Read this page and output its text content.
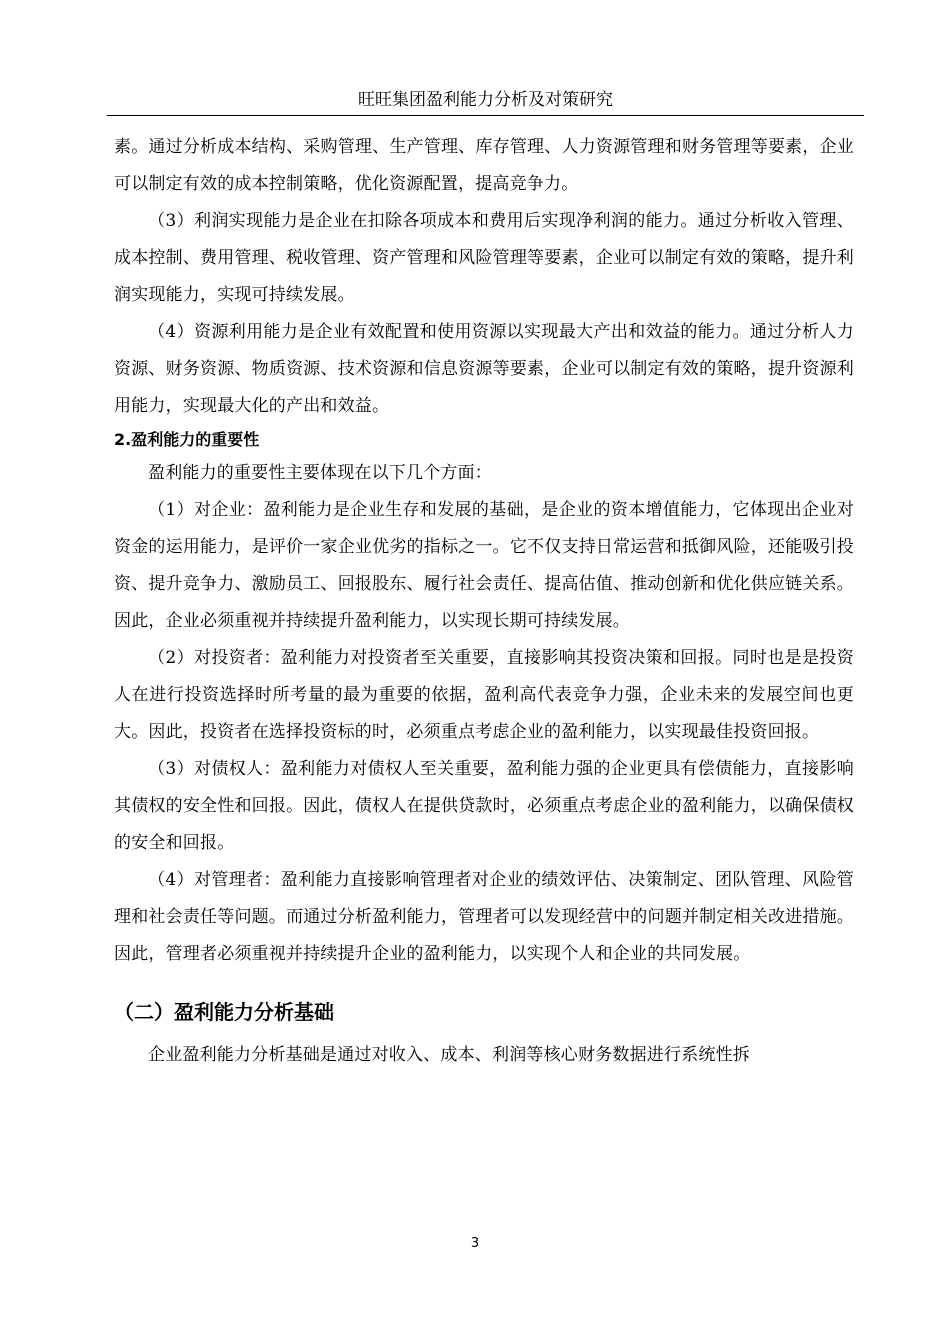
旺旺集团盈利能力分析及对策研究

素。通过分析成本结构、采购管理、生产管理、库存管理、人力资源管理和财务管理等要素，企业可以制定有效的成本控制策略，优化资源配置，提高竞争力。

（3）利润实现能力是企业在扣除各项成本和费用后实现净利润的能力。通过分析收入管理、成本控制、费用管理、税收管理、资产管理和风险管理等要素，企业可以制定有效的策略，提升利润实现能力，实现可持续发展。

（4）资源利用能力是企业有效配置和使用资源以实现最大产出和效益的能力。通过分析人力资源、财务资源、物质资源、技术资源和信息资源等要素，企业可以制定有效的策略，提升资源利用能力，实现最大化的产出和效益。

2.盈利能力的重要性

盈利能力的重要性主要体现在以下几个方面：

（1）对企业：盈利能力是企业生存和发展的基础，是企业的资本增值能力，它体现出企业对资金的运用能力，是评价一家企业优劣的指标之一。它不仅支持日常运营和抵御风险，还能吸引投资、提升竞争力、激励员工、回报股东、履行社会责任、提高估值、推动创新和优化供应链关系。因此，企业必须重视并持续提升盈利能力，以实现长期可持续发展。

（2）对投资者：盈利能力对投资者至关重要，直接影响其投资决策和回报。同时也是是投资人在进行投资选择时所考量的最为重要的依据，盈利高代表竞争力强，企业未来的发展空间也更大。因此，投资者在选择投资标的时，必须重点考虑企业的盈利能力，以实现最佳投资回报。

（3）对债权人：盈利能力对债权人至关重要，盈利能力强的企业更具有偿债能力，直接影响其债权的安全性和回报。因此，债权人在提供贷款时，必须重点考虑企业的盈利能力，以确保债权的安全和回报。

（4）对管理者：盈利能力直接影响管理者对企业的绩效评估、决策制定、团队管理、风险管理和社会责任等问题。而通过分析盈利能力，管理者可以发现经营中的问题并制定相关改进措施。因此，管理者必须重视并持续提升企业的盈利能力，以实现个人和企业的共同发展。

（二）盈利能力分析基础

企业盈利能力分析基础是通过对收入、成本、利润等核心财务数据进行系统性拆

3
